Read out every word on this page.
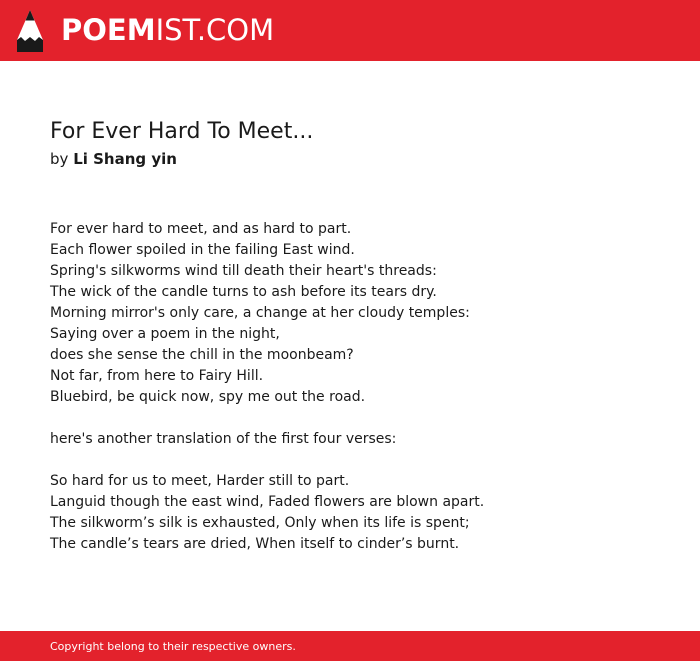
POEMIST.COM
For Ever Hard To Meet...
by Li Shang yin
For ever hard to meet, and as hard to part.
Each flower spoiled in the failing East wind.
Spring's silkworms wind till death their heart's threads:
The wick of the candle turns to ash before its tears dry.
Morning mirror's only care, a change at her cloudy temples:
Saying over a poem in the night,
does she sense the chill in the moonbeam?
Not far, from here to Fairy Hill.
Bluebird, be quick now, spy me out the road.
here's another translation of the first four verses:
So hard for us to meet, Harder still to part.
Languid though the east wind, Faded flowers are blown apart.
The silkworm’s silk is exhausted, Only when its life is spent;
The candle’s tears are dried, When itself to cinder’s burnt.
Copyright belong to their respective owners.
